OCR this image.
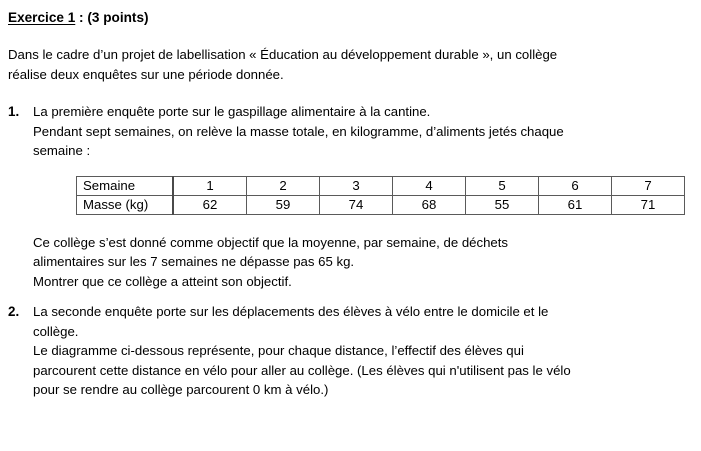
Exercice 1 : (3 points)
Dans le cadre d’un projet de labellisation « Éducation au développement durable », un collège
réalise deux enquêtes sur une période donnée.
1. La première enquête porte sur le gaspillage alimentaire à la cantine.
Pendant sept semaines, on relève la masse totale, en kilogramme, d’aliments jetés chaque
semaine :
Semaine	1	2	3	4	5	6	7
Masse (kg)	62	59	74	68	55	61	71
Ce collège s’est donné comme objectif que la moyenne, par semaine, de déchets
alimentaires sur les 7 semaines ne dépasse pas 65 kg.
Montrer que ce collège a atteint son objectif.
2. La seconde enquête porte sur les déplacements des élèves à vélo entre le domicile et le
collège.
Le diagramme ci-dessous représente, pour chaque distance, l’effectif des élèves qui
parcourent cette distance en vélo pour aller au collège. (Les élèves qui n'utilisent pas le vélo
pour se rendre au collège parcourent 0 km à vélo.)
